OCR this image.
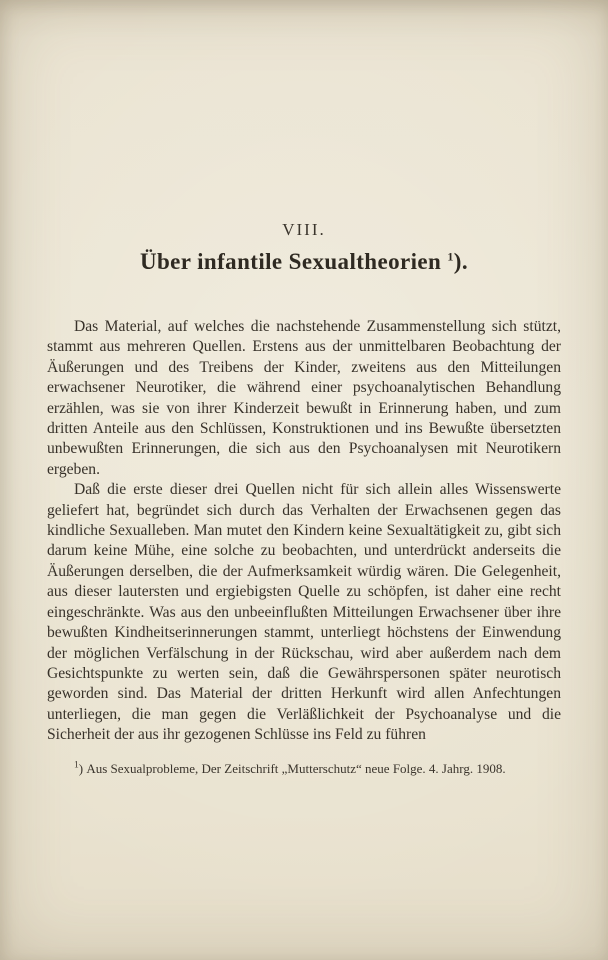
VIII.
Über infantile Sexualtheorien $^1$).

Das Material, auf welches die nachstehende Zusammenstellung sich stützt, stammt aus mehreren Quellen. Erstens aus der unmittelbaren Beobachtung der Äußerungen und des Treibens der Kinder, zweitens aus den Mitteilungen erwachsener Neurotiker, die während einer psychoanalytischen Behandlung erzählen, was sie von ihrer Kinderzeit bewußt in Erinnerung haben, und zum dritten Anteile aus den Schlüssen, Konstruktionen und ins Bewußte übersetzten unbewußten Erinnerungen, die sich aus den Psychoanalysen mit Neurotikern ergeben.

Daß die erste dieser drei Quellen nicht für sich allein alles Wissenswerte geliefert hat, begründet sich durch das Verhalten der Erwachsenen gegen das kindliche Sexualleben. Man mutet den Kindern keine Sexualtätigkeit zu, gibt sich darum keine Mühe, eine solche zu beobachten, und unterdrückt anderseits die Äußerungen derselben, die der Aufmerksamkeit würdig wären. Die Gelegenheit, aus dieser lautersten und ergiebigsten Quelle zu schöpfen, ist daher eine recht eingeschränkte. Was aus den unbeeinflußten Mitteilungen Erwachsener über ihre bewußten Kindheitserinnerungen stammt, unterliegt höchstens der Einwendung der möglichen Verfälschung in der Rückschau, wird aber außerdem nach dem Gesichtspunkte zu werten sein, daß die Gewährspersonen später neurotisch geworden sind. Das Material der dritten Herkunft wird allen Anfechtungen unterliegen, die man gegen die Verläßlichkeit der Psychoanalyse und die Sicherheit der aus ihr gezogenen Schlüsse ins Feld zu führen

$^1$) Aus Sexualprobleme, Der Zeitschrift „Mutterschutz“ neue Folge. 4. Jahrg. 1908.
